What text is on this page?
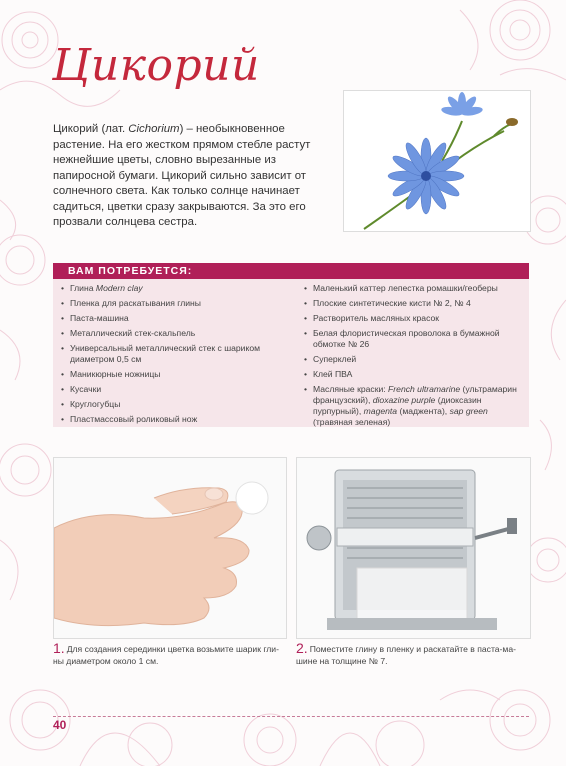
Цикорий

Цикорий (лат. Cichorium) – необыкновенное растение. На его жестком прямом стебле растут нежнейшие цветы, словно вырезанные из папиросной бумаги. Цикорий сильно зависит от солнечного света. Как только солнце начинает садиться, цветки сразу закрываются. За это его прозвали солнцева сестра.

ВАМ ПОТРЕБУЕТСЯ:
• Глина Modern clay
• Пленка для раскатывания глины
• Паста-машина
• Металлический стек-скальпель
• Универсальный металлический стек с шариком диаметром 0,5 см
• Маникюрные ножницы
• Кусачки
• Круглогубцы
• Пластмассовый роликовый нож
• Маленький каттер лепестка ромашки/геоберы
• Плоские синтетические кисти № 2, № 4
• Растворитель масляных красок
• Белая флористическая проволока в бумажной обмотке № 26
• Суперклей
• Клей ПВА
• Масляные краски: French ultramarine (ультрамарин французский), dioxazine purple (диоксазин пурпурный), magenta (маджента), sap green (травяная зеленая)
1. Для создания серединки цветка возьмите шарик гли- ны диаметром около 1 см.
2. Поместите глину в пленку и раскатайте в паста-ма- шине на толщине № 7.
40
